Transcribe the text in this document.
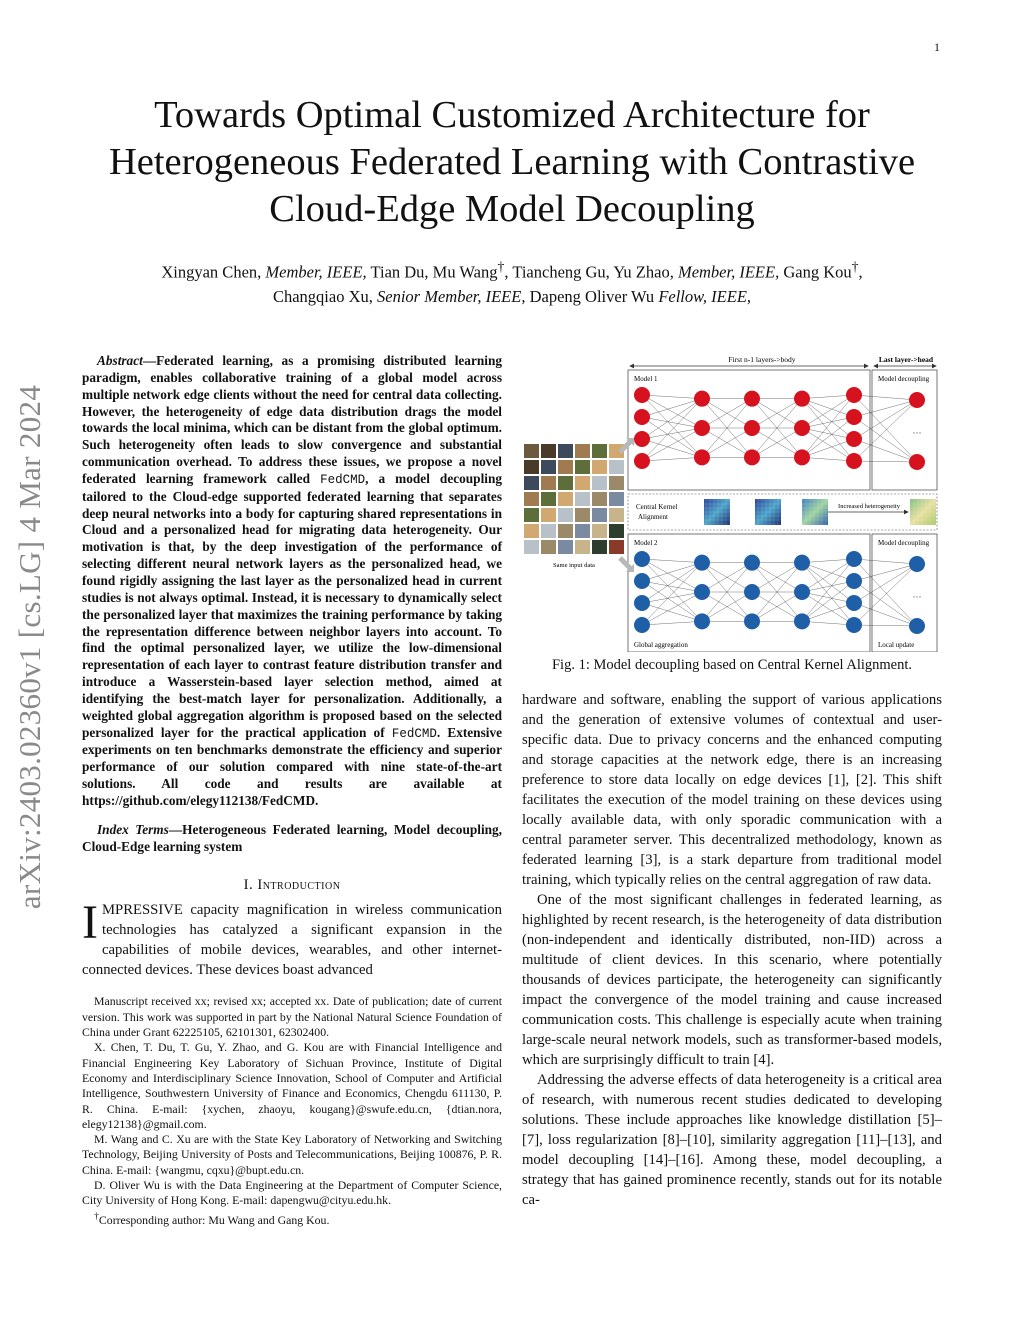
1
arXiv:2403.02360v1 [cs.LG] 4 Mar 2024
Towards Optimal Customized Architecture for Heterogeneous Federated Learning with Contrastive Cloud-Edge Model Decoupling
Xingyan Chen, Member, IEEE, Tian Du, Mu Wang†, Tiancheng Gu, Yu Zhao, Member, IEEE, Gang Kou†,
Changqiao Xu, Senior Member, IEEE, Dapeng Oliver Wu Fellow, IEEE,
Abstract—Federated learning, as a promising distributed learning paradigm, enables collaborative training of a global model across multiple network edge clients without the need for central data collecting. However, the heterogeneity of edge data distribution drags the model towards the local minima, which can be distant from the global optimum. Such heterogeneity often leads to slow convergence and substantial communication overhead. To address these issues, we propose a novel federated learning framework called FedCMD, a model decoupling tailored to the Cloud-edge supported federated learning that separates deep neural networks into a body for capturing shared representations in Cloud and a personalized head for migrating data heterogeneity. Our motivation is that, by the deep investigation of the performance of selecting different neural network layers as the personalized head, we found rigidly assigning the last layer as the personalized head in current studies is not always optimal. Instead, it is necessary to dynamically select the personalized layer that maximizes the training performance by taking the representation difference between neighbor layers into account. To find the optimal personalized layer, we utilize the low-dimensional representation of each layer to contrast feature distribution transfer and introduce a Wasserstein-based layer selection method, aimed at identifying the best-match layer for personalization. Additionally, a weighted global aggregation algorithm is proposed based on the selected personalized layer for the practical application of FedCMD. Extensive experiments on ten benchmarks demonstrate the efficiency and superior performance of our solution compared with nine state-of-the-art solutions. All code and results are available at https://github.com/elegy112138/FedCMD.
Index Terms—Heterogeneous Federated learning, Model decoupling, Cloud-Edge learning system
I. Introduction

IMPRESSIVE capacity magnification in wireless communication technologies has catalyzed a significant expansion in the capabilities of mobile devices, wearables, and other internet-connected devices. These devices boast advanced

Manuscript received xx; revised xx; accepted xx. Date of publication; date of current version. This work was supported in part by the National Natural Science Foundation of China under Grant 62225105, 62101301, 62302400.

X. Chen, T. Du, T. Gu, Y. Zhao, and G. Kou are with Financial Intelligence and Financial Engineering Key Laboratory of Sichuan Province, Institute of Digital Economy and Interdisciplinary Science Innovation, School of Computer and Artificial Intelligence, Southwestern University of Finance and Economics, Chengdu 611130, P. R. China. E-mail: {xychen, zhaoyu, kougang}@swufe.edu.cn, {dtian.nora, elegy12138}@gmail.com.

M. Wang and C. Xu are with the State Key Laboratory of Networking and Switching Technology, Beijing University of Posts and Telecommunications, Beijing 100876, P. R. China. E-mail: {wangmu, cqxu}@bupt.edu.cn.

D. Oliver Wu is with the Data Engineering at the Department of Computer Science, City University of Hong Kong. E-mail: dapengwu@cityu.edu.hk.

†Corresponding author: Mu Wang and Gang Kou.

First n-1 layers->body	Last layer->head
Model 1	Model decoupling
···
Central Kernel
Alignment
Increased heterogeneity
Model 2	Model decoupling
Global aggregation	Local update
···
Same input data
Fig. 1: Model decoupling based on Central Kernel Alignment.

hardware and software, enabling the support of various applications and the generation of extensive volumes of contextual and user-specific data. Due to privacy concerns and the enhanced computing and storage capacities at the network edge, there is an increasing preference to store data locally on edge devices [1], [2]. This shift facilitates the execution of the model training on these devices using locally available data, with only sporadic communication with a central parameter server. This decentralized methodology, known as federated learning [3], is a stark departure from traditional model training, which typically relies on the central aggregation of raw data.

One of the most significant challenges in federated learning, as highlighted by recent research, is the heterogeneity of data distribution (non-independent and identically distributed, non-IID) across a multitude of client devices. In this scenario, where potentially thousands of devices participate, the heterogeneity can significantly impact the convergence of the model training and cause increased communication costs. This challenge is especially acute when training large-scale neural network models, such as transformer-based models, which are surprisingly difficult to train [4].

Addressing the adverse effects of data heterogeneity is a critical area of research, with numerous recent studies dedicated to developing solutions. These include approaches like knowledge distillation [5]–[7], loss regularization [8]–[10], similarity aggregation [11]–[13], and model decoupling [14]–[16]. Among these, model decoupling, a strategy that has gained prominence recently, stands out for its notable ca-
